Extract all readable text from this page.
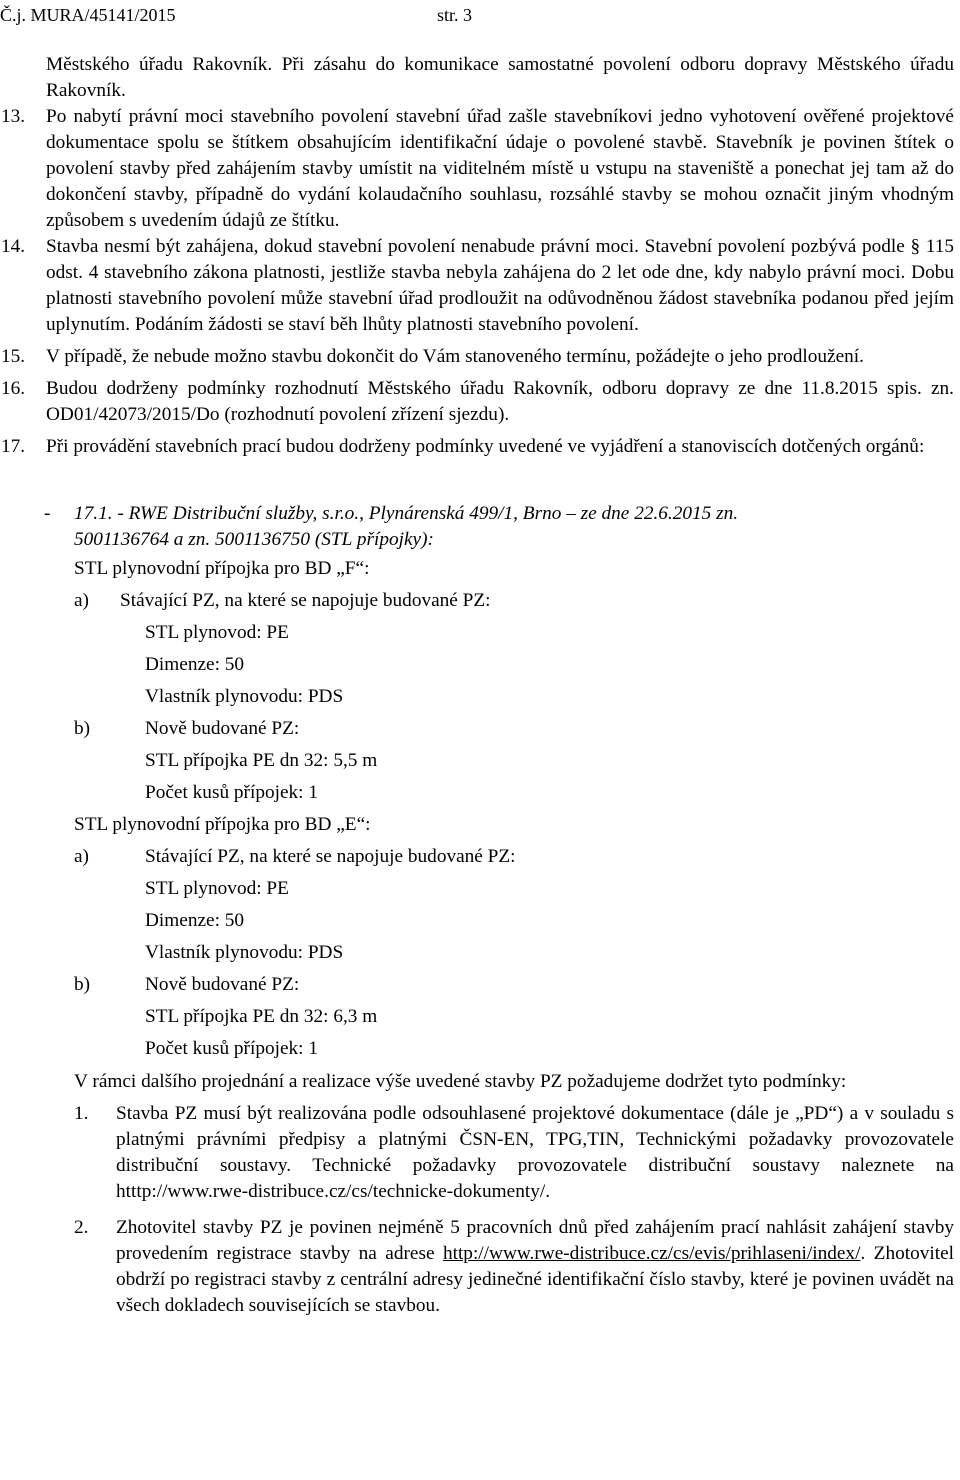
Č.j. MURA/45141/2015	str. 3
Městského úřadu Rakovník. Při zásahu do komunikace samostatné povolení odboru dopravy Městského úřadu Rakovník.
13. Po nabytí právní moci stavebního povolení stavební úřad zašle stavebníkovi jedno vyhotovení ověřené projektové dokumentace spolu se štítkem obsahujícím identifikační údaje o povolené stavbě. Stavebník je povinen štítek o povolení stavby před zahájením stavby umístit na viditelném místě u vstupu na staveniště a ponechat jej tam až do dokončení stavby, případně do vydání kolaudačního souhlasu, rozsáhlé stavby se mohou označit jiným vhodným způsobem s uvedením údajů ze štítku.
14. Stavba nesmí být zahájena, dokud stavební povolení nenabude právní moci. Stavební povolení pozbývá podle § 115 odst. 4 stavebního zákona platnosti, jestliže stavba nebyla zahájena do 2 let ode dne, kdy nabylo právní moci. Dobu platnosti stavebního povolení může stavební úřad prodloužit na odůvodněnou žádost stavebníka podanou před jejím uplynutím. Podáním žádosti se staví běh lhůty platnosti stavebního povolení.
15. V případě, že nebude možno stavbu dokončit do Vám stanoveného termínu, požádejte o jeho prodloužení.
16. Budou dodrženy podmínky rozhodnutí Městského úřadu Rakovník, odboru dopravy ze dne 11.8.2015 spis. zn. OD01/42073/2015/Do (rozhodnutí povolení zřízení sjezdu).
17. Při provádění stavebních prací budou dodrženy podmínky uvedené ve vyjádření a stanoviscích dotčených orgánů:
- 17.1. - RWE Distribuční služby, s.r.o., Plynárenská 499/1, Brno – ze dne 22.6.2015 zn.
5001136764 a zn. 5001136750 (STL přípojky):
STL plynovodní přípojka pro BD „F“:
a) Stávající PZ, na které se napojuje budované PZ:
STL plynovod: PE
Dimenze: 50
Vlastník plynovodu: PDS
b)	Nově budované PZ:
STL přípojka PE dn 32: 5,5 m
Počet kusů přípojek: 1
STL plynovodní přípojka pro BD „E“:
a)	Stávající PZ, na které se napojuje budované PZ:
STL plynovod: PE
Dimenze: 50
Vlastník plynovodu: PDS
b)	Nově budované PZ:
STL přípojka PE dn 32: 6,3 m
Počet kusů přípojek: 1
V rámci dalšího projednání a realizace výše uvedené stavby PZ požadujeme dodržet tyto podmínky:
1. Stavba PZ musí být realizována podle odsouhlasené projektové dokumentace (dále je „PD“) a v souladu s platnými právními předpisy a platnými ČSN-EN, TPG,TIN, Technickými požadavky provozovatele distribuční soustavy. Technické požadavky provozovatele distribuční soustavy naleznete na htttp://www.rwe-distribuce.cz/cs/technicke-dokumenty/.
2. Zhotovitel stavby PZ je povinen nejméně 5 pracovních dnů před zahájením prací nahlásit zahájení stavby provedením registrace stavby na adrese http://www.rwe-distribuce.cz/cs/evis/prihlaseni/index/. Zhotovitel obdrží po registraci stavby z centrální adresy jedinečné identifikační číslo stavby, které je povinen uvádět na všech dokladech souvisejících se stavbou.
